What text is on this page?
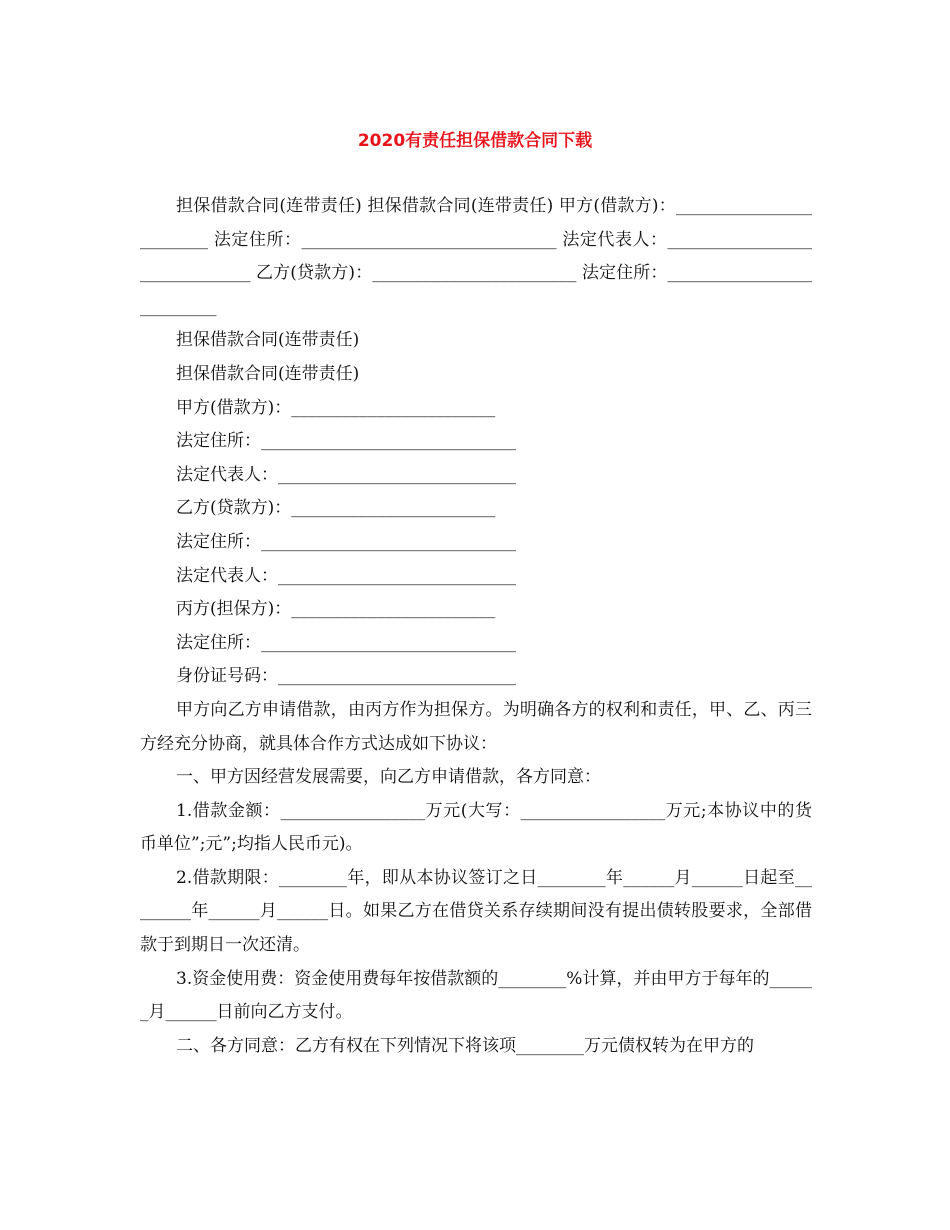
2020有责任担保借款合同下载

担保借款合同(连带责任) 担保借款合同(连带责任) 甲方(借款方)：________________________ 法定住所：______________________________ 法定代表人：______________________________ 乙方(贷款方)：________________________ 法定住所：__________________________

担保借款合同(连带责任)

担保借款合同(连带责任)

甲方(借款方)：________________________

法定住所：______________________________

法定代表人：____________________________

乙方(贷款方)：________________________

法定住所：______________________________

法定代表人：____________________________

丙方(担保方)：________________________

法定住所：______________________________

身份证号码：____________________________

甲方向乙方申请借款，由丙方作为担保方。为明确各方的权利和责任，甲、乙、丙三方经充分协商，就具体合作方式达成如下协议：

一、甲方因经营发展需要，向乙方申请借款，各方同意：

1.借款金额：_________________万元(大写：_________________万元;本协议中的货币单位”;元”;均指人民币元)。

2.借款期限：________年，即从本协议签订之日________年______月______日起至________年______月______日。如果乙方在借贷关系存续期间没有提出债转股要求，全部借款于到期日一次还清。

3.资金使用费：资金使用费每年按借款额的________%计算，并由甲方于每年的______月______日前向乙方支付。

二、各方同意：乙方有权在下列情况下将该项________万元债权转为在甲方的
